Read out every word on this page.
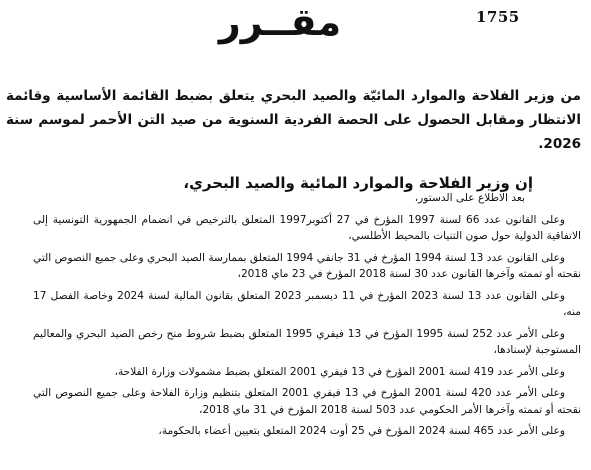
1755
مقــرر

من وزير الفلاحة والموارد المائيّة والصيد البحري يتعلق بضبط القائمة الأساسية وقائمة الانتظار ومقابل الحصول على الحصة الفردية السنوية من صيد التن الأحمر لموسم سنة 2026.

إن وزير الفلاحة والموارد المائية والصيد البحري،

بعد الاطلاع على الدستور،

وعلى القانون عدد 66 لسنة 1997 المؤرخ في 27 أكتوبر1997 المتعلق بالترخيص في انضمام الجمهورية التونسية إلى الاتفاقية الدولية حول صون التنيات بالمحيط الأطلسي،

وعلى القانون عدد 13 لسنة 1994 المؤرخ في 31 جانفي 1994 المتعلق بممارسة الصيد البحري وعلى جميع النصوص التي نقحته أو تممته وآخرها القانون عدد 30 لسنة 2018 المؤرخ في 23 ماي 2018،

وعلى القانون عدد 13 لسنة 2023 المؤرخ في 11 ديسمبر 2023 المتعلق بقانون المالية لسنة 2024 وخاصة الفصل 17 منه،

وعلى الأمر عدد 252 لسنة 1995 المؤرخ في 13 فيفري 1995 المتعلق بضبط شروط منح رخص الصيد البحري والمعاليم المستوجبة لإسنادها،

وعلى الأمر عدد 419 لسنة 2001 المؤرخ في 13 فيفري 2001 المتعلق بضبط مشمولات وزارة الفلاحة،

وعلى الأمر عدد 420 لسنة 2001 المؤرخ في 13 فيفري 2001 المتعلق بتنظيم وزارة الفلاحة وعلى جميع النصوص التي نقحته أو تممته وآخرها الأمر الحكومي عدد 503 لسنة 2018 المؤرخ في 31 ماي 2018،

وعلى الأمر عدد 465 لسنة 2024 المؤرخ في 25 أوت 2024 المتعلق بتعيين أعضاء بالحكومة،
